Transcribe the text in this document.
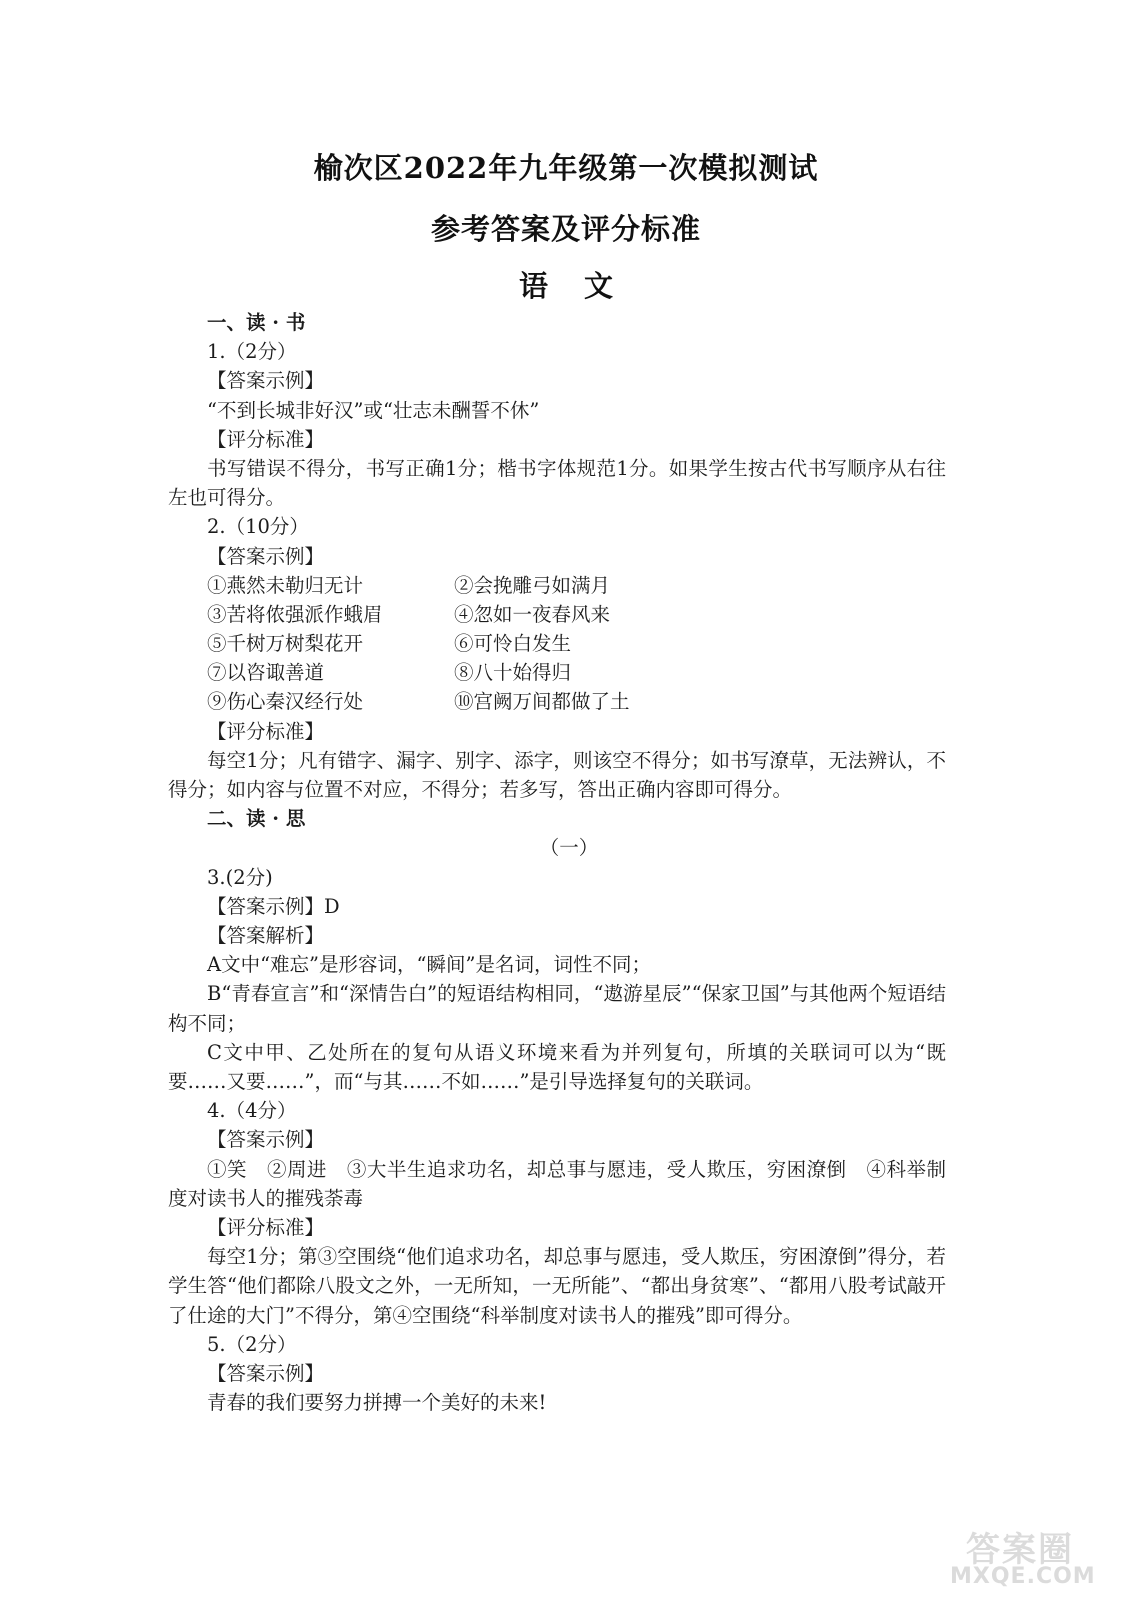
榆次区2022年九年级第一次模拟测试
参考答案及评分标准
语文
一、读 · 书
1.（2分）
【答案示例】
“不到长城非好汉”或“壮志未酬誓不休”
【评分标准】
书写错误不得分，书写正确1分；楷书字体规范1分。如果学生按古代书写顺序从右往左也可得分。
2.（10分）
【答案示例】
①燕然未勒归无计	②会挽雕弓如满月
③苦将侬强派作蛾眉	④忽如一夜春风来
⑤千树万树梨花开	⑥可怜白发生
⑦以咨诹善道	⑧八十始得归
⑨伤心秦汉经行处	⑩宫阙万间都做了土
【评分标准】
每空1分；凡有错字、漏字、别字、添字，则该空不得分；如书写潦草，无法辨认，不得分；如内容与位置不对应，不得分；若多写，答出正确内容即可得分。
二、读 · 思
（一）
3.(2分)
【答案示例】D
【答案解析】
A文中“难忘”是形容词，“瞬间”是名词，词性不同；
B“青春宣言”和“深情告白”的短语结构相同，“遨游星辰”“保家卫国”与其他两个短语结构不同；
C文中甲、乙处所在的复句从语义环境来看为并列复句，所填的关联词可以为“既要……又要……”，而“与其……不如……”是引导选择复句的关联词。
4.（4分）
【答案示例】
①笑　②周进　③大半生追求功名，却总事与愿违，受人欺压，穷困潦倒　④科举制度对读书人的摧残荼毒
【评分标准】
每空1分；第③空围绕“他们追求功名，却总事与愿违，受人欺压，穷困潦倒”得分，若学生答“他们都除八股文之外，一无所知，一无所能”、“都出身贫寒”、“都用八股考试敲开了仕途的大门”不得分，第④空围绕“科举制度对读书人的摧残”即可得分。
5.（2分）
【答案示例】
青春的我们要努力拼搏一个美好的未来!
答案圈
MXQE.COM
